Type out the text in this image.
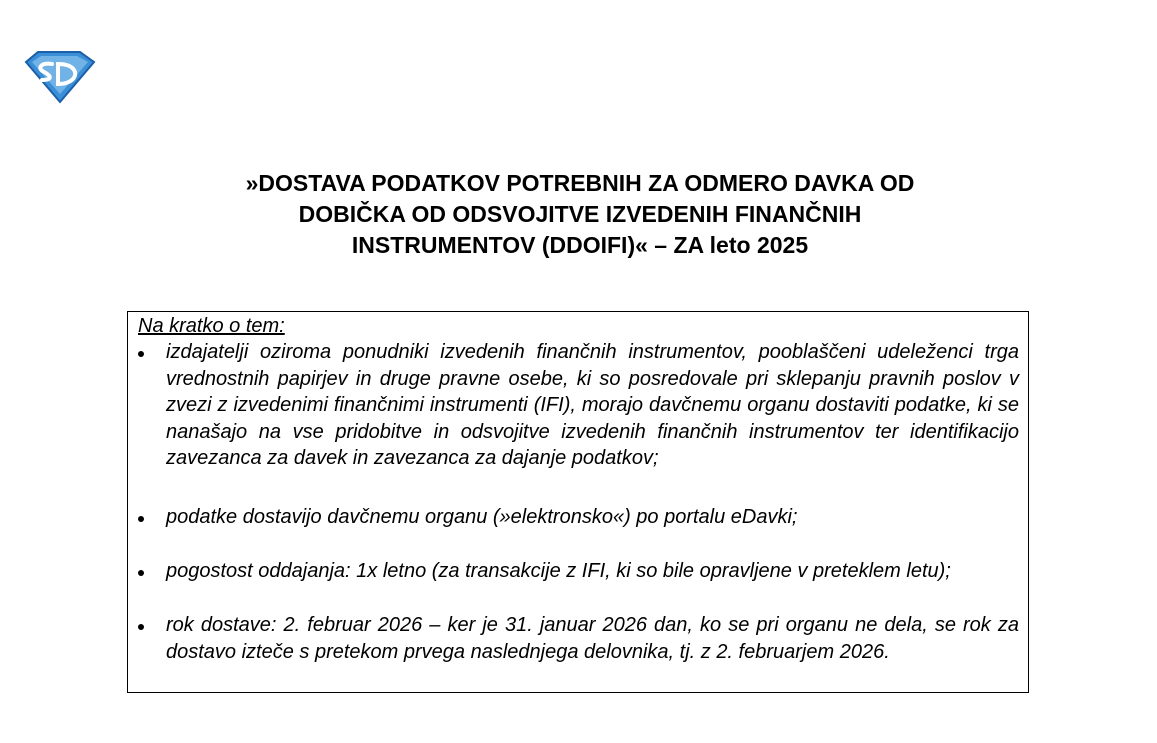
»DOSTAVA PODATKOV POTREBNIH ZA ODMERO DAVKA OD
DOBIČKA OD ODSVOJITVE IZVEDENIH FINANČNIH
INSTRUMENTOV (DDOIFI)« – ZA leto 2025
Na kratko o tem:
izdajatelji oziroma ponudniki izvedenih finančnih instrumentov, pooblaščeni udeleženci trga vrednostnih papirjev in druge pravne osebe, ki so posredovale pri sklepanju pravnih poslov v zvezi z izvedenimi finančnimi instrumenti (IFI), morajo davčnemu organu dostaviti podatke, ki se nanašajo na vse pridobitve in odsvojitve izvedenih finančnih instrumentov ter identifikacijo zavezanca za davek in zavezanca za dajanje podatkov;
podatke dostavijo davčnemu organu (»elektronsko«) po portalu eDavki;
pogostost oddajanja: 1x letno (za transakcije z IFI, ki so bile opravljene v preteklem letu);
rok dostave: 2. februar 2026 – ker je 31. januar 2026 dan, ko se pri organu ne dela, se rok za dostavo izteče s pretekom prvega naslednjega delovnika, tj. z 2. februarjem 2026.
